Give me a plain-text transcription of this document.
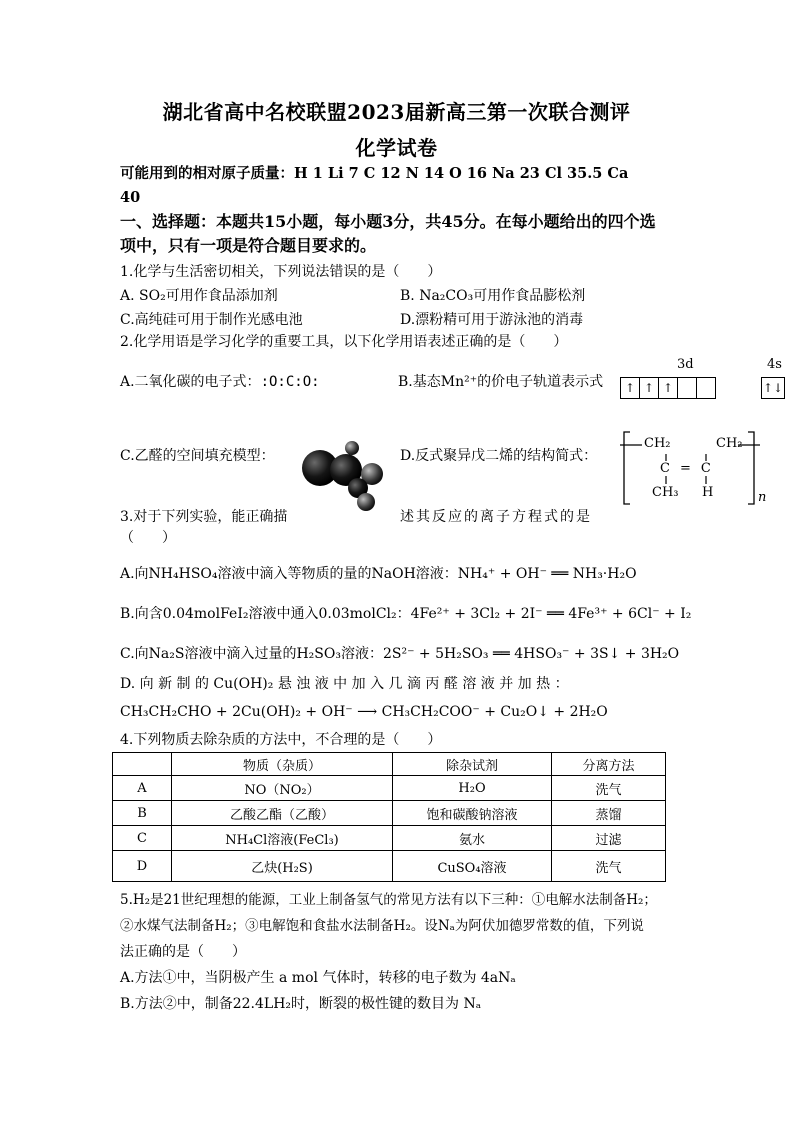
湖北省高中名校联盟2023届新高三第一次联合测评
化学试卷
可能用到的相对原子质量：H 1 Li 7 C 12 N 14 O 16 Na 23 Cl 35.5 Ca
40
一、选择题：本题共15小题，每小题3分，共45分。在每小题给出的四个选
项中，只有一项是符合题目要求的。
1.化学与生活密切相关，下列说法错误的是（　　）
A. SO₂可用作食品添加剂	B. Na₂CO₃可用作食品膨松剂
C.高纯硅可用于制作光感电池	D.漂粉精可用于游泳池的消毒
2.化学用语是学习化学的重要工具，以下化学用语表述正确的是（　　）
A.二氧化碳的电子式：:O:C:O:	B.基态Mn²⁺的价电子轨道表示式
3d	4s
↑ ↑ ↑	↑↓
C.乙醛的空间填充模型：	D.反式聚异戊二烯的结构简式：
CH₂	CH₂
C=C
CH₃ H	n
3.对于下列实验，能正确描	述其反应的离子方程式的是
（　　）
A.向NH₄HSO₄溶液中滴入等物质的量的NaOH溶液：NH₄⁺ + OH⁻ ══ NH₃·H₂O
B.向含0.04molFeI₂溶液中通入0.03molCl₂：4Fe²⁺ + 3Cl₂ + 2I⁻ ══ 4Fe³⁺ + 6Cl⁻ + I₂
C.向Na₂S溶液中滴入过量的H₂SO₃溶液：2S²⁻ + 5H₂SO₃ ══ 4HSO₃⁻ + 3S↓ + 3H₂O
D. 向 新 制 的 Cu(OH)₂ 悬 浊 液 中 加 入 几 滴 丙 醛 溶 液 并 加 热 ：
CH₃CH₂CHO + 2Cu(OH)₂ + OH⁻ ⟶ CH₃CH₂COO⁻ + Cu₂O↓ + 2H₂O
4.下列物质去除杂质的方法中，不合理的是（　　）
	物质（杂质）	除杂试剂	分离方法
A	NO（NO₂）	H₂O	洗气
B	乙酸乙酯（乙酸）	饱和碳酸钠溶液	蒸馏
C	NH₄Cl溶液(FeCl₃)	氨水	过滤
D	乙炔(H₂S)	CuSO₄溶液	洗气
5.H₂是21世纪理想的能源，工业上制备氢气的常见方法有以下三种：①电解水法制备H₂；
②水煤气法制备H₂；③电解饱和食盐水法制备H₂。设Nₐ为阿伏加德罗常数的值，下列说
法正确的是（　　）
A.方法①中，当阴极产生 a mol 气体时，转移的电子数为 4aNₐ
B.方法②中，制备22.4LH₂时，断裂的极性键的数目为 Nₐ
